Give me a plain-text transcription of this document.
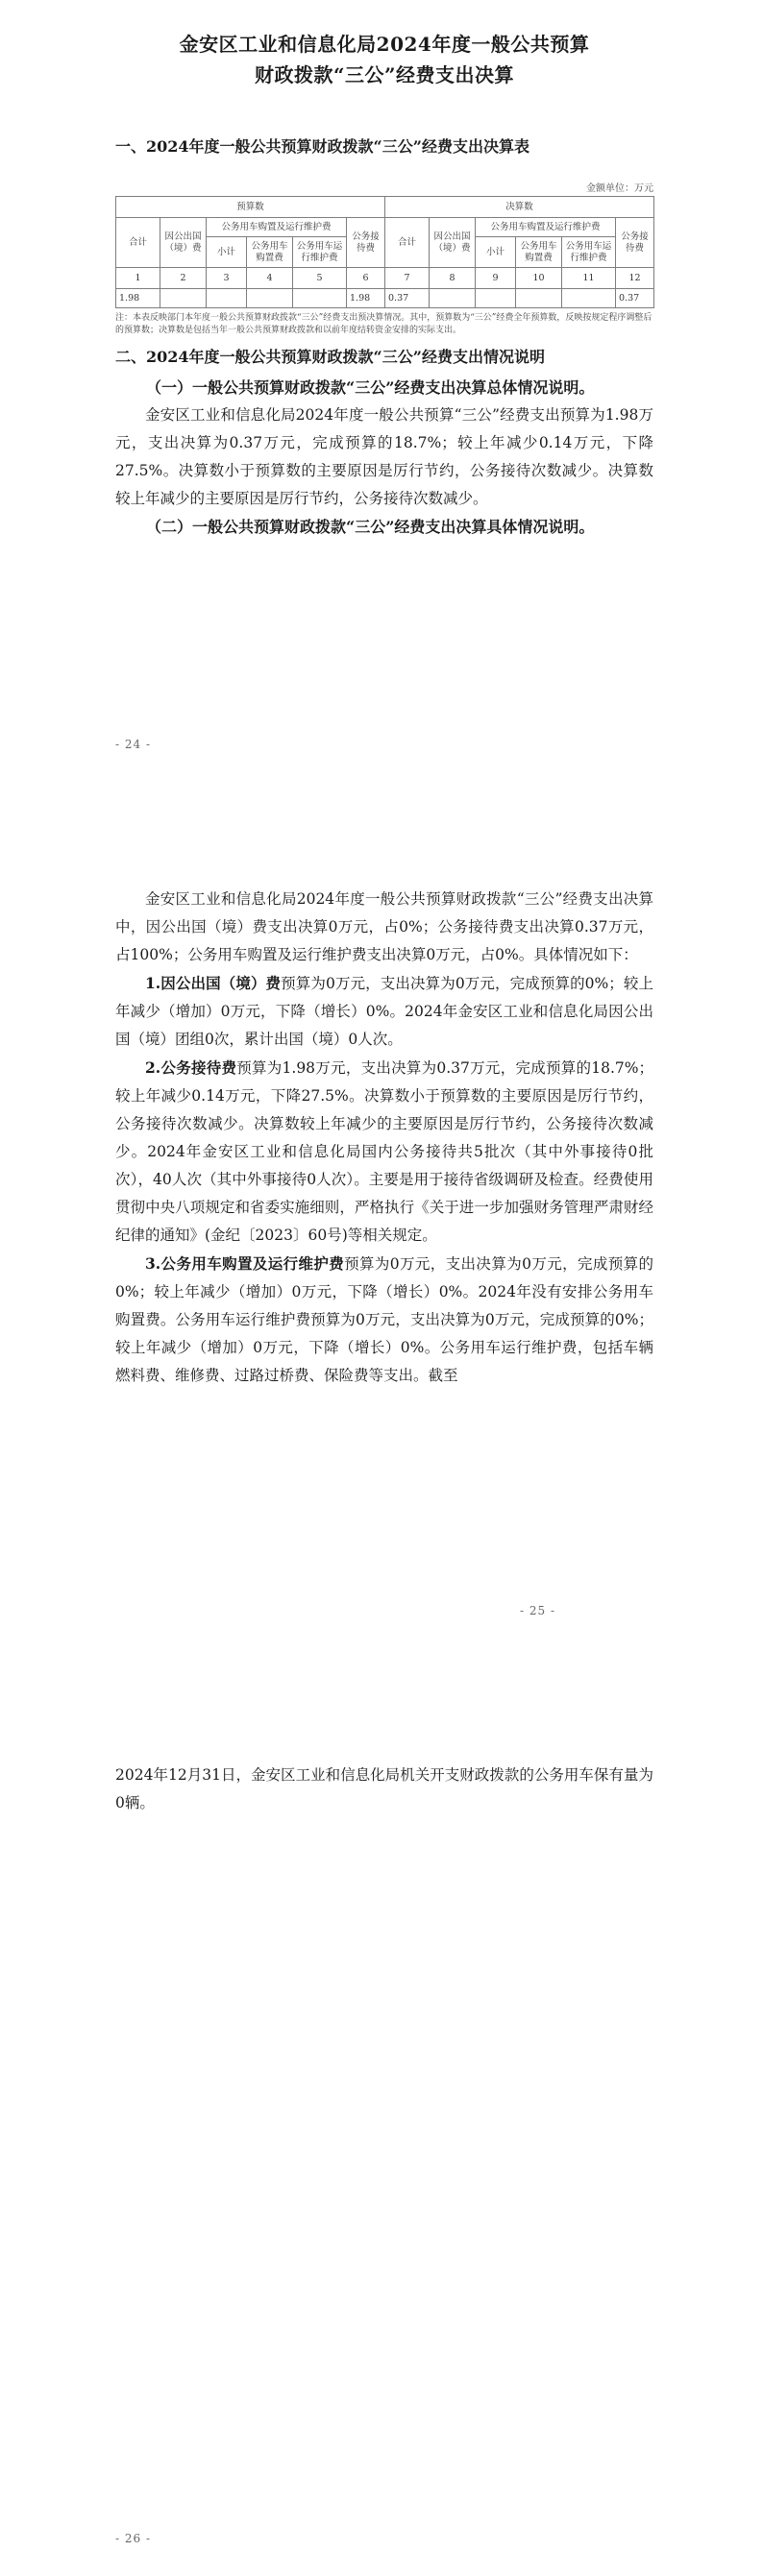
金安区工业和信息化局2024年度一般公共预算
财政拨款“三公”经费支出决算
一、2024年度一般公共预算财政拨款“三公”经费支出决算表
金额单位：万元
预算数						决算数					
合计	因公出国（境）费	公务用车购置及运行维护费			公务接待费	合计	因公出国（境）费	公务用车购置及运行维护费			公务接待费
		小计	公务用车购置费	公务用车运行维护费				小计	公务用车购置费	公务用车运行维护费	
1	2	3	4	5	6	7	8	9	10	11	12
1.98					1.98	0.37					0.37
注：本表反映部门本年度一般公共预算财政拨款“三公”经费支出预决算情况。其中，预算数为“三公”经费全年预算数，反映按规定程序调整后的预算数；决算数是包括当年一般公共预算财政拨款和以前年度结转资金安排的实际支出。
二、2024年度一般公共预算财政拨款“三公”经费支出情况说明
（一）一般公共预算财政拨款“三公”经费支出决算总体情况说明。
金安区工业和信息化局2024年度一般公共预算“三公”经费支出预算为1.98万元，支出决算为0.37万元，完成预算的18.7%；较上年减少0.14万元，下降27.5%。决算数小于预算数的主要原因是厉行节约，公务接待次数减少。决算数较上年减少的主要原因是厉行节约，公务接待次数减少。
（二）一般公共预算财政拨款“三公”经费支出决算具体情况说明。
- 24 -
金安区工业和信息化局2024年度一般公共预算财政拨款“三公”经费支出决算中，因公出国（境）费支出决算0万元，占0%；公务接待费支出决算0.37万元，占100%；公务用车购置及运行维护费支出决算0万元，占0%。具体情况如下：
1.因公出国（境）费预算为0万元，支出决算为0万元，完成预算的0%；较上年减少（增加）0万元，下降（增长）0%。2024年金安区工业和信息化局因公出国（境）团组0次，累计出国（境）0人次。
2.公务接待费预算为1.98万元，支出决算为0.37万元，完成预算的18.7%；较上年减少0.14万元，下降27.5%。决算数小于预算数的主要原因是厉行节约，公务接待次数减少。决算数较上年减少的主要原因是厉行节约，公务接待次数减少。2024年金安区工业和信息化局国内公务接待共5批次（其中外事接待0批次），40人次（其中外事接待0人次）。主要是用于接待省级调研及检查。经费使用贯彻中央八项规定和省委实施细则，严格执行《关于进一步加强财务管理严肃财经纪律的通知》(金纪〔2023〕60号)等相关规定。
3.公务用车购置及运行维护费预算为0万元，支出决算为0万元，完成预算的0%；较上年减少（增加）0万元，下降（增长）0%。2024年没有安排公务用车购置费。公务用车运行维护费预算为0万元，支出决算为0万元，完成预算的0%；较上年减少（增加）0万元，下降（增长）0%。公务用车运行维护费，包括车辆燃料费、维修费、过路过桥费、保险费等支出。截至
- 25 -
2024年12月31日，金安区工业和信息化局机关开支财政拨款的公务用车保有量为0辆。
- 26 -
